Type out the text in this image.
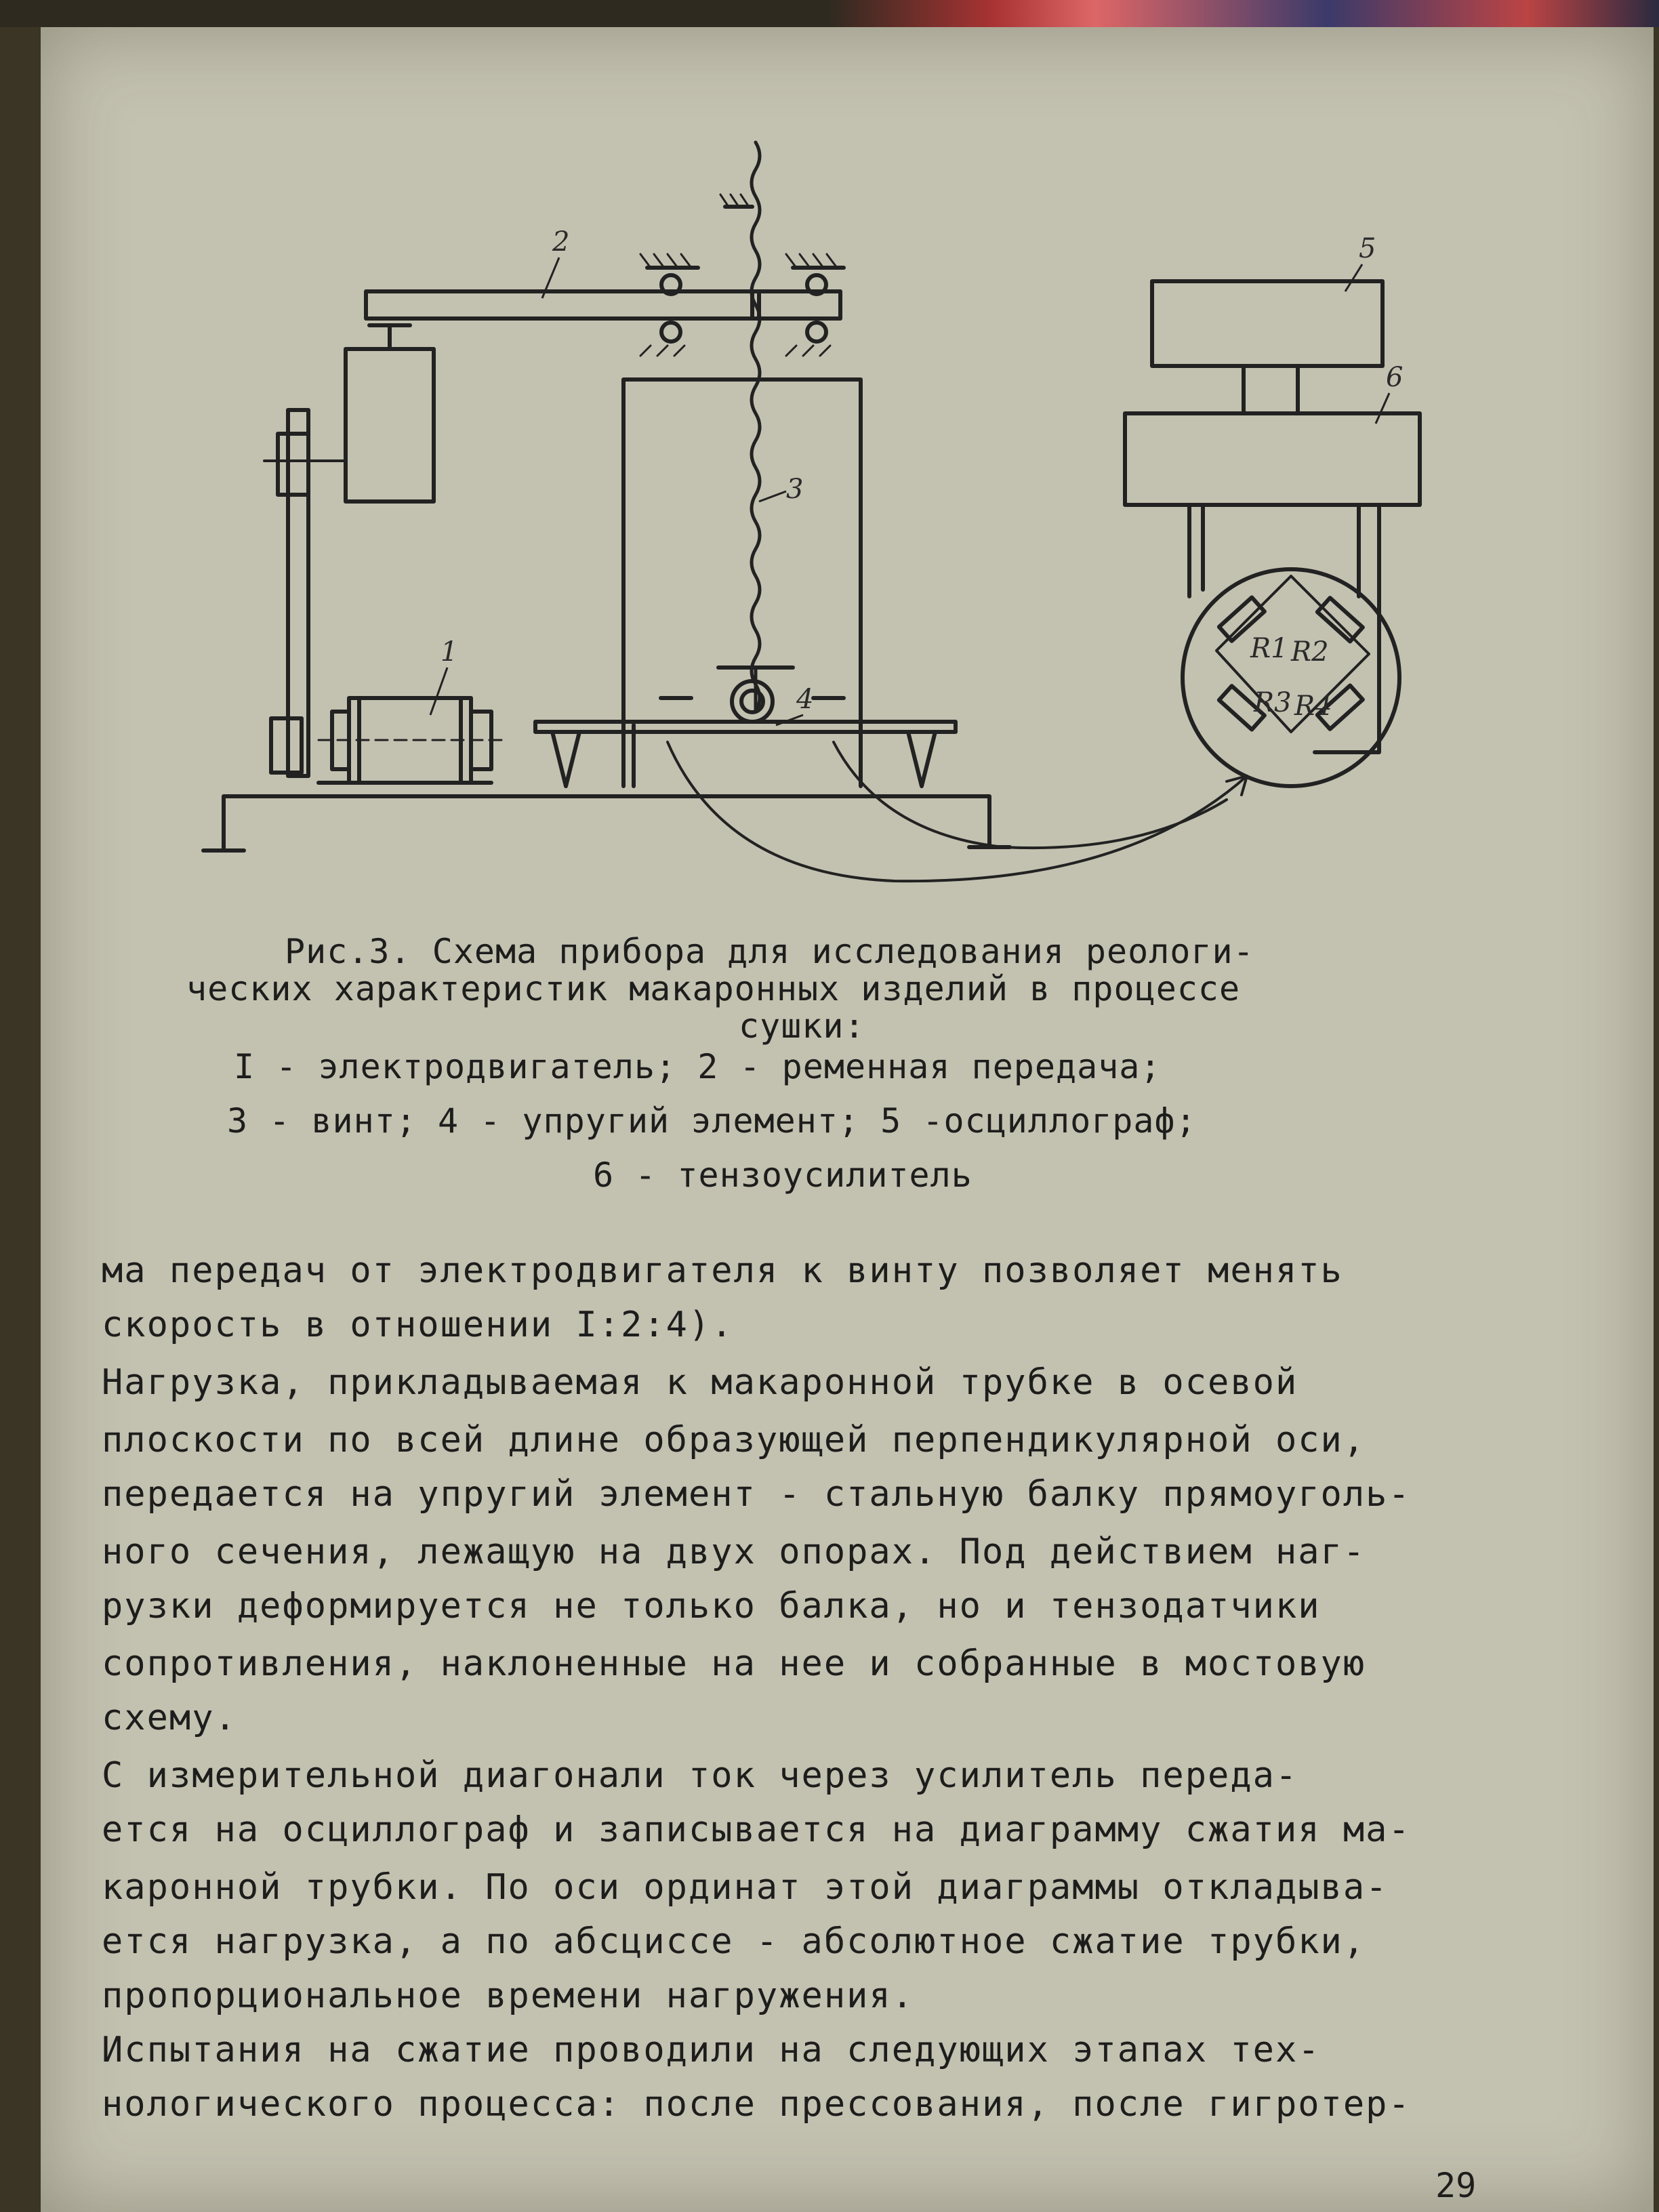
1
2
3
4
5
6
R1 R2
R3 R4
Рис.3. Схема прибора для исследования реологи-
ческих характеристик макаронных изделий в процессе
сушки:
I - электродвигатель; 2 - ременная передача;
3 - винт; 4 - упругий элемент; 5 -осциллограф;
6 - тензоусилитель
ма передач от электродвигателя к винту позволяет менять
скорость в отношении I:2:4).
Нагрузка, прикладываемая к макаронной трубке в осевой
плоскости по всей длине образующей перпендикулярной оси,
передается на упругий элемент - стальную балку прямоуголь-
ного сечения, лежащую на двух опорах. Под действием наг-
рузки деформируется не только балка, но и тензодатчики
сопротивления, наклоненные на нее и собранные в мостовую
схему.
С измерительной диагонали ток через усилитель переда-
ется на осциллограф и записывается на диаграмму сжатия ма-
каронной трубки. По оси ординат этой диаграммы откладыва-
ется нагрузка, а по абсциссе - абсолютное сжатие трубки,
пропорциональное времени нагружения.
Испытания на сжатие проводили на следующих этапах тех-
нологического процесса: после прессования, после гигротер-
29
